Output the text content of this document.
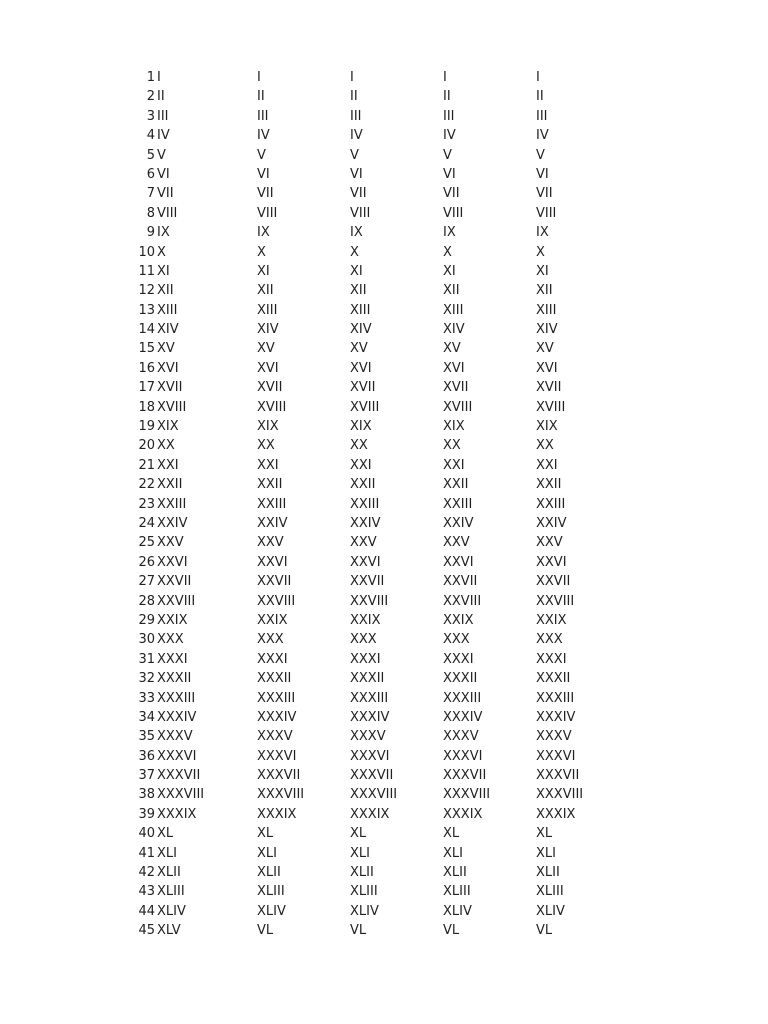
1 I	I	I	I	I
2 II	II	II	II	II
3 III	III	III	III	III
4 IV	IV	IV	IV	IV
5 V	V	V	V	V
6 VI	VI	VI	VI	VI
7 VII	VII	VII	VII	VII
8 VIII	VIII	VIII	VIII	VIII
9 IX	IX	IX	IX	IX
10 X	X	X	X	X
11 XI	XI	XI	XI	XI
12 XII	XII	XII	XII	XII
13 XIII	XIII	XIII	XIII	XIII
14 XIV	XIV	XIV	XIV	XIV
15 XV	XV	XV	XV	XV
16 XVI	XVI	XVI	XVI	XVI
17 XVII	XVII	XVII	XVII	XVII
18 XVIII	XVIII	XVIII	XVIII	XVIII
19 XIX	XIX	XIX	XIX	XIX
20 XX	XX	XX	XX	XX
21 XXI	XXI	XXI	XXI	XXI
22 XXII	XXII	XXII	XXII	XXII
23 XXIII	XXIII	XXIII	XXIII	XXIII
24 XXIV	XXIV	XXIV	XXIV	XXIV
25 XXV	XXV	XXV	XXV	XXV
26 XXVI	XXVI	XXVI	XXVI	XXVI
27 XXVII	XXVII	XXVII	XXVII	XXVII
28 XXVIII	XXVIII	XXVIII	XXVIII	XXVIII
29 XXIX	XXIX	XXIX	XXIX	XXIX
30 XXX	XXX	XXX	XXX	XXX
31 XXXI	XXXI	XXXI	XXXI	XXXI
32 XXXII	XXXII	XXXII	XXXII	XXXII
33 XXXIII	XXXIII	XXXIII	XXXIII	XXXIII
34 XXXIV	XXXIV	XXXIV	XXXIV	XXXIV
35 XXXV	XXXV	XXXV	XXXV	XXXV
36 XXXVI	XXXVI	XXXVI	XXXVI	XXXVI
37 XXXVII	XXXVII	XXXVII	XXXVII	XXXVII
38 XXXVIII	XXXVIII	XXXVIII	XXXVIII	XXXVIII
39 XXXIX	XXXIX	XXXIX	XXXIX	XXXIX
40 XL	XL	XL	XL	XL
41 XLI	XLI	XLI	XLI	XLI
42 XLII	XLII	XLII	XLII	XLII
43 XLIII	XLIII	XLIII	XLIII	XLIII
44 XLIV	XLIV	XLIV	XLIV	XLIV
45 XLV	VL	VL	VL	VL
